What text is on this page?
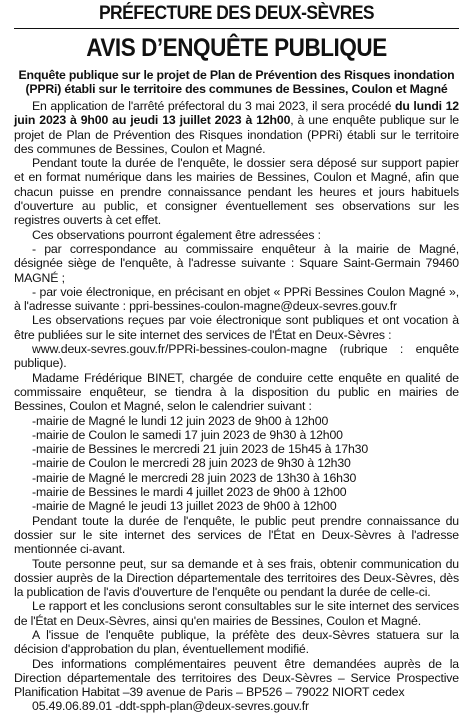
PRÉFECTURE DES DEUX-SÈVRES
AVIS D’ENQUÊTE PUBLIQUE
Enquête publique sur le projet de Plan de Prévention des Risques inondation
(PPRi) établi sur le territoire des communes de Bessines, Coulon et Magné

En application de l'arrêté préfectoral du 3 mai 2023, il sera procédé du lundi 12 juin 2023 à 9h00 au jeudi 13 juillet 2023 à 12h00, à une enquête publique sur le projet de Plan de Prévention des Risques inondation (PPRi) établi sur le territoire des communes de Bessines, Coulon et Magné.

Pendant toute la durée de l'enquête, le dossier sera déposé sur support papier et en format numérique dans les mairies de Bessines, Coulon et Magné, afin que chacun puisse en prendre connaissance pendant les heures et jours habituels d'ouverture au public, et consigner éventuellement ses observations sur les registres ouverts à cet effet.

Ces observations pourront également être adressées :

- par correspondance au commissaire enquêteur à la mairie de Magné, désignée siège de l'enquête, à l'adresse suivante : Square Saint-Germain 79460 MAGNÉ ;

- par voie électronique, en précisant en objet « PPRi Bessines Coulon Magné », à l'adresse suivante : ppri-bessines-coulon-magne@deux-sevres.gouv.fr

Les observations reçues par voie électronique sont publiques et ont vocation à être publiées sur le site internet des services de l'État en Deux-Sèvres :

www.deux-sevres.gouv.fr/PPRi-bessines-coulon-magne (rubrique : enquête publique).

Madame Frédérique BINET, chargée de conduire cette enquête en qualité de commissaire enquêteur, se tiendra à la disposition du public en mairies de Bessines, Coulon et Magné, selon le calendrier suivant :

-mairie de Magné le lundi 12 juin 2023 de 9h00 à 12h00

-mairie de Coulon le samedi 17 juin 2023 de 9h30 à 12h00

-mairie de Bessines le mercredi 21 juin 2023 de 15h45 à 17h30

-mairie de Coulon le mercredi 28 juin 2023 de 9h30 à 12h30

-mairie de Magné le mercredi 28 juin 2023 de 13h30 à 16h30

-mairie de Bessines le mardi 4 juillet 2023 de 9h00 à 12h00

-mairie de Magné le jeudi 13 juillet 2023 de 9h00 à 12h00

Pendant toute la durée de l'enquête, le public peut prendre connaissance du dossier sur le site internet des services de l'État en Deux-Sèvres à l'adresse mentionnée ci-avant.

Toute personne peut, sur sa demande et à ses frais, obtenir communication du dossier auprès de la Direction départementale des territoires des Deux-Sèvres, dès la publication de l'avis d'ouverture de l'enquête ou pendant la durée de celle-ci.

Le rapport et les conclusions seront consultables sur le site internet des services de l'État en Deux-Sèvres, ainsi qu'en mairies de Bessines, Coulon et Magné.

A l'issue de l'enquête publique, la préfète des deux-Sèvres statuera sur la décision d'approbation du plan, éventuellement modifié.

Des informations complémentaires peuvent être demandées auprès de la Direction départementale des territoires des Deux-Sèvres – Service Prospective Planification Habitat –39 avenue de Paris – BP526 – 79022 NIORT cedex

05.49.06.89.01 -ddt-spph-plan@deux-sevres.gouv.fr
